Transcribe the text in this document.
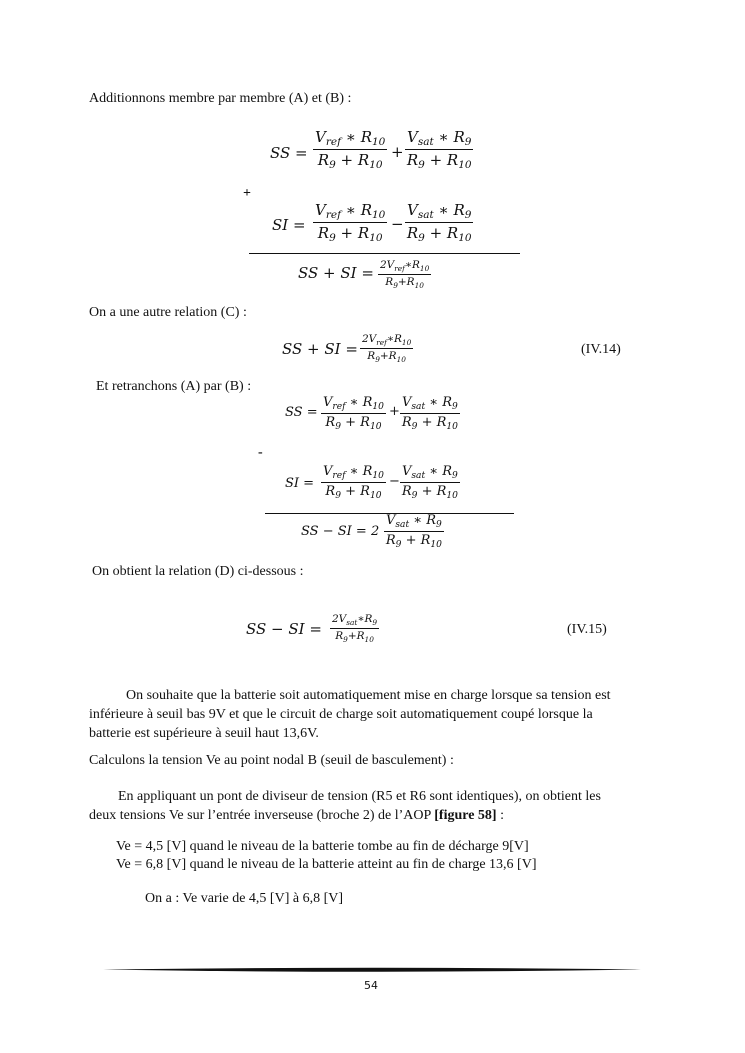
Additionnons membre par membre (A) et (B) :
SS =
$V_{ref}$ ∗ $R_{10}$
$R_9 + R_{10}$
+
$V_{sat}$ ∗ $R_9$
$R_9 + R_{10}$
+
SI =
$V_{ref}$ ∗ $R_{10}$
$R_9 + R_{10}$
−
$V_{sat}$ ∗ $R_9$
$R_9 + R_{10}$
SS + SI = $2V_{ref}∗R_{10}$
$R_9+R_{10}$
On a une autre relation (C) :
SS + SI =
$2V_{ref}∗R_{10}$
$R_9+R_{10}$
(IV.14)
Et retranchons (A) par (B) :
SS =
$V_{ref}$ ∗ $R_{10}$
$R_9 + R_{10}$
+
$V_{sat}$ ∗ $R_9$
$R_9 + R_{10}$
-
SI =
$V_{ref}$ ∗ $R_{10}$
$R_9 + R_{10}$
−
$V_{sat}$ ∗ $R_9$
$R_9 + R_{10}$
SS − SI = 2
$V_{sat}$ ∗ $R_9$
$R_9 + R_{10}$
On obtient la relation (D) ci-dessous :
SS − SI =
$2V_{sat}∗R_9$
$R_9+R_{10}$
(IV.15)
On souhaite que la batterie soit automatiquement mise en charge lorsque sa tension est
inférieure à seuil bas 9V et que le circuit de charge soit automatiquement coupé lorsque la
batterie est supérieure à seuil haut 13,6V.
Calculons la tension Ve au point nodal B (seuil de basculement) :
En appliquant un pont de diviseur de tension (R5 et R6 sont identiques), on obtient les
deux tensions Ve sur l’entrée inverseuse (broche 2) de l’AOP [figure 58] :
Ve = 4,5 [V] quand le niveau de la batterie tombe au fin de décharge 9[V]
Ve = 6,8 [V] quand le niveau de la batterie atteint au fin de charge 13,6 [V]
On a : Ve varie de 4,5 [V] à 6,8 [V]
54
